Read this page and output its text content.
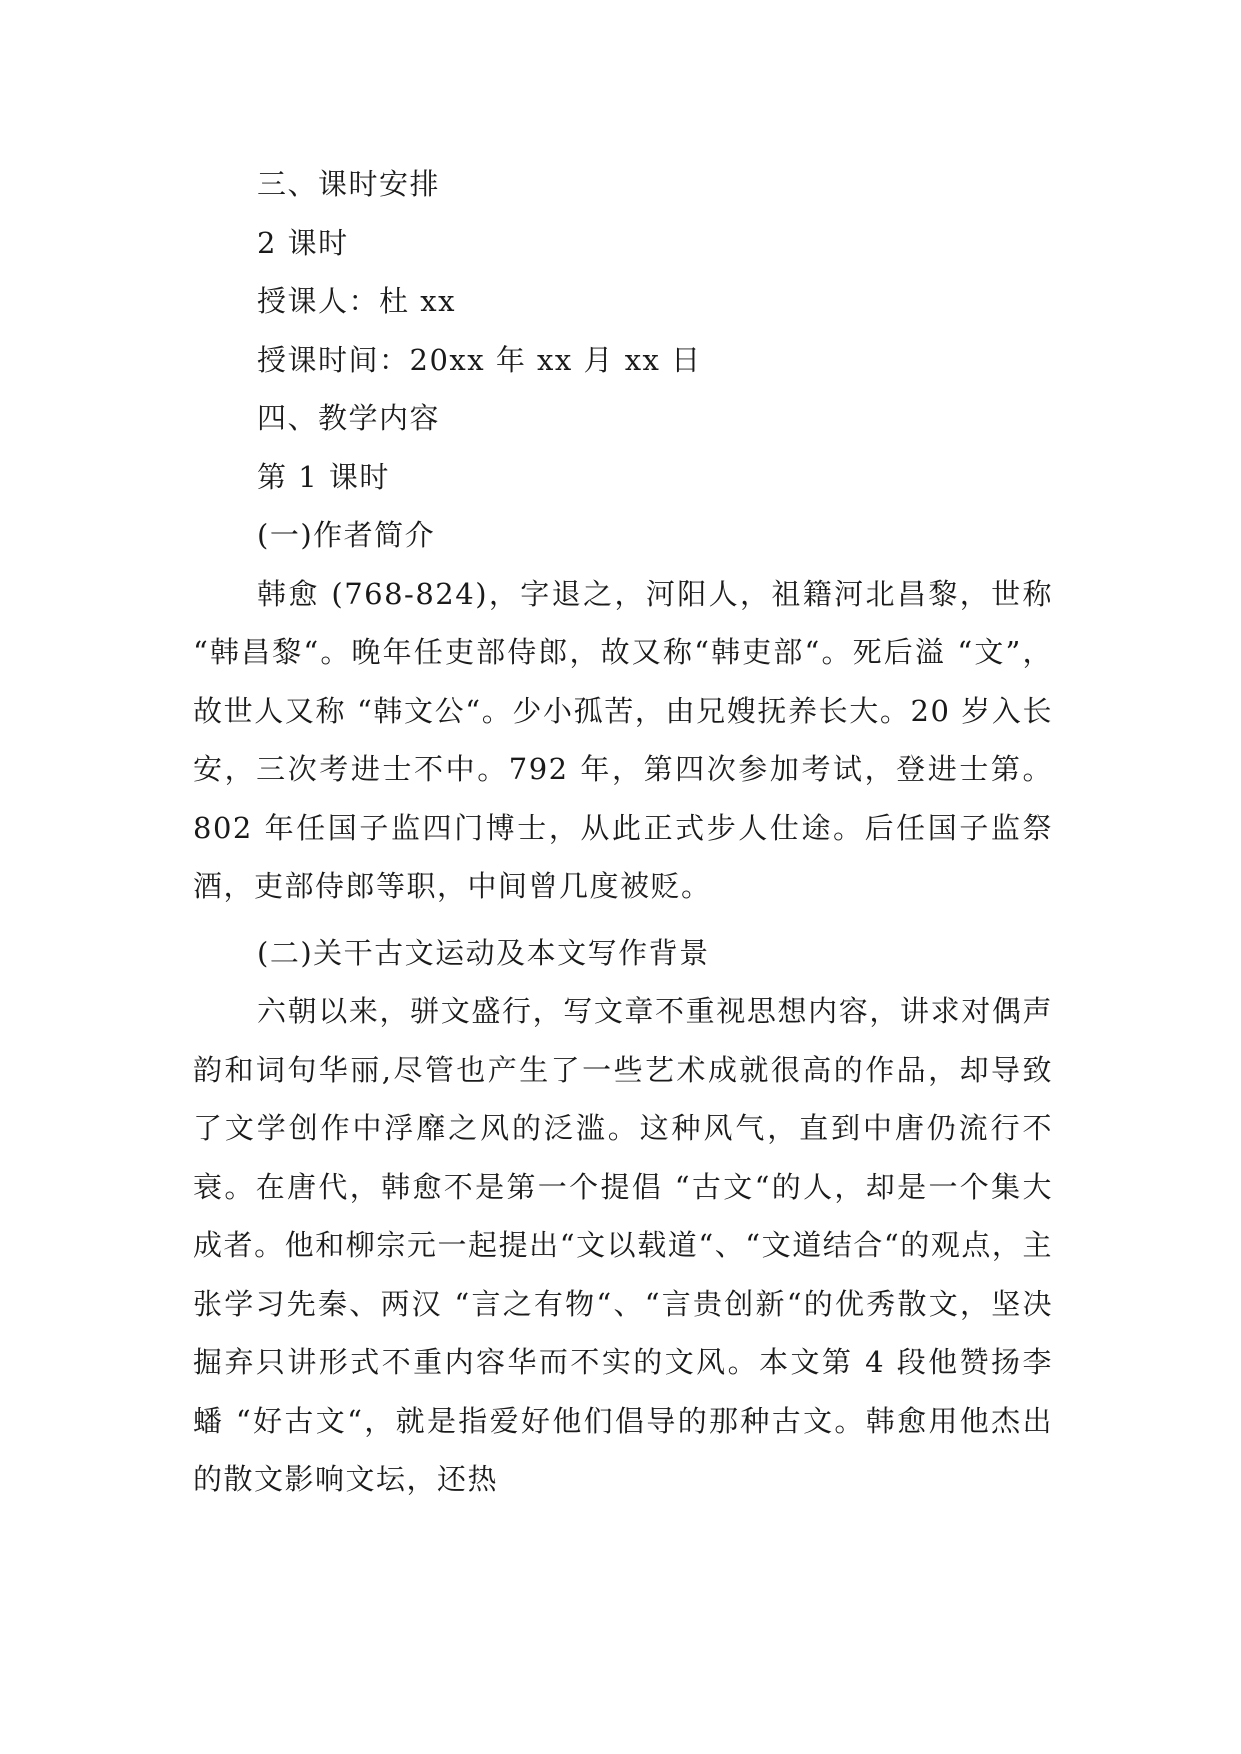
三、课时安排

2 课时

授课人：杜 xx

授课时间：20xx 年 xx 月 xx 日

四、教学内容

第 1 课时

(一)作者简介

韩愈 (768-824)，字退之，河阳人，祖籍河北昌黎，世称 “韩昌黎“。晚年任吏部侍郎，故又称“韩吏部“。死后溢 “文”，故世人又称 “韩文公“。少小孤苦，由兄嫂抚养长大。20 岁入长安，三次考进士不中。792 年，第四次参加考试，登进士第。802 年任国子监四门博士，从此正式步人仕途。后任国子监祭酒，吏部侍郎等职，中间曾几度被贬。

(二)关干古文运动及本文写作背景

六朝以来，骈文盛行，写文章不重视思想内容，讲求对偶声韵和词句华丽,尽管也产生了一些艺术成就很高的作品，却导致了文学创作中浮靡之风的泛滥。这种风气，直到中唐仍流行不衰。在唐代，韩愈不是第一个提倡 “古文“的人，却是一个集大成者。他和柳宗元一起提出“文以载道“、“文道结合“的观点，主张学习先秦、两汉 “言之有物“、“言贵创新“的优秀散文，坚决掘弃只讲形式不重内容华而不实的文风。本文第 4 段他赞扬李蟠 “好古文“，就是指爱好他们倡导的那种古文。韩愈用他杰出的散文影响文坛，还热
